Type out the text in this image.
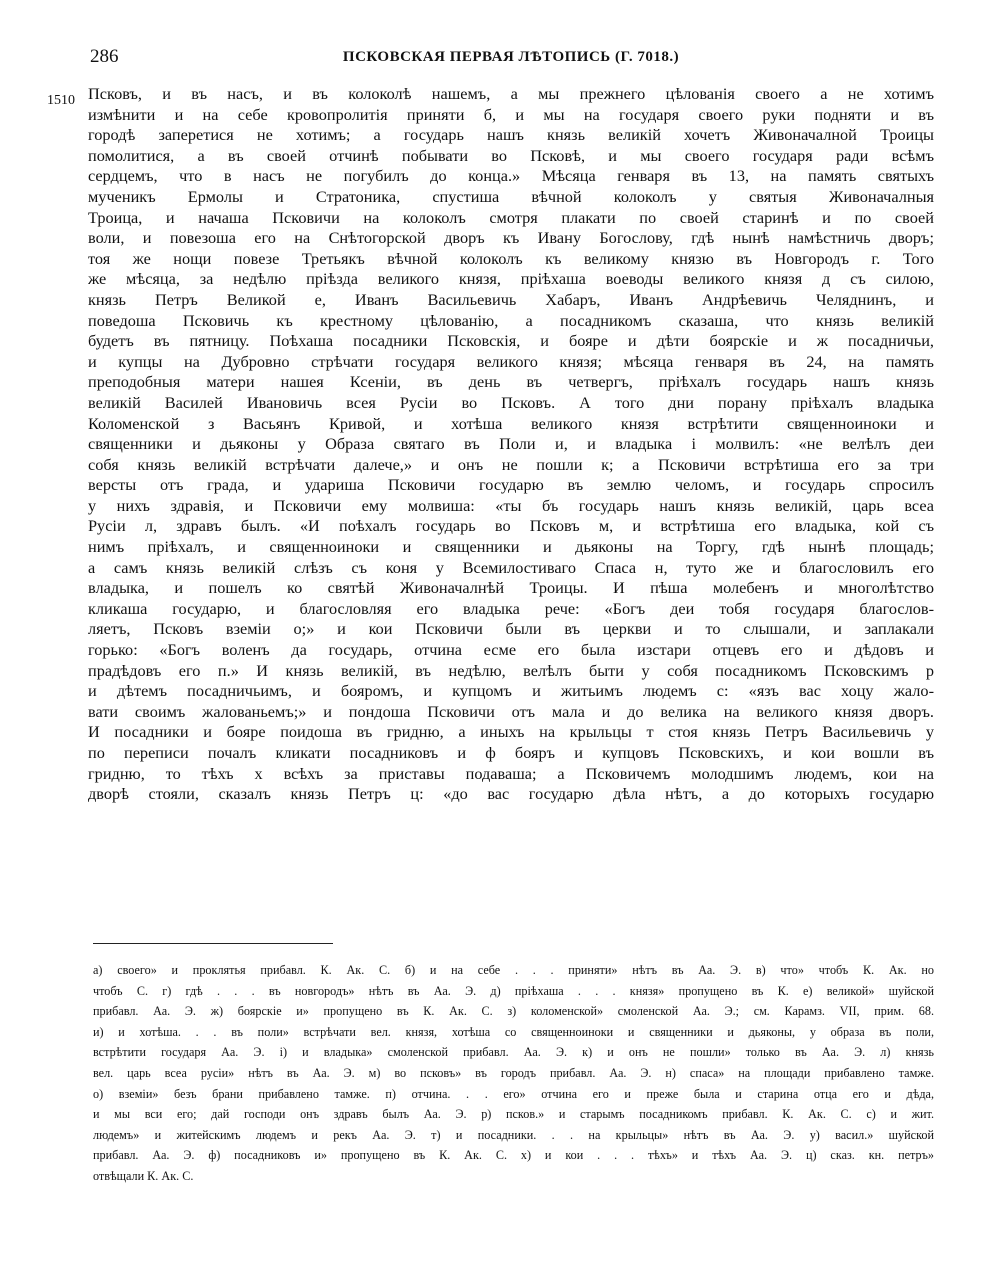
286	ПСКОВСКАЯ ПЕРВАЯ ЛѢТОПИСЬ (Г. 7018.)
1510 Псковъ, и въ насъ, и въ колоколѣ нашемъ, а мы прежнего цѣлованія своего а не хотимъ
измѣнити и на себе кровопролитія приняти б, и мы на государя своего руки подняти и въ
городѣ заперетися не хотимъ; а государь нашъ князь великій хочетъ Живоначалной Троицы
помолитися, а въ своей отчинѣ побывати во Псковѣ, и мы своего государя ради всѣмъ
сердцемъ, что в насъ не погубилъ до конца.» Мѣсяца генваря въ 13, на память святыхъ
мученикъ Ермолы и Стратоника, спустиша вѣчной колоколъ у святыя Живоначалныя
Троица, и начаша Псковичи на колоколъ смотря плакати по своей старинѣ и по своей
воли, и повезоша его на Снѣтогорской дворъ къ Ивану Богослову, гдѣ нынѣ намѣстничь дворъ;
тоя же нощи повезе Третьякъ вѣчной колоколъ къ великому князю въ Новгородъ г. Того
же мѣсяца, за недѣлю пріѣзда великого князя, пріѣхаша воеводы великого князя д съ силою,
князь Петръ Великой е, Иванъ Васильевичь Хабаръ, Иванъ Андрѣевичь Челяднинъ, и
поведоша Псковичь къ крестному цѣлованію, а посадникомъ сказаша, что князь великій
будетъ въ пятницу. Поѣхаша посадники Псковскія, и бояре и дѣти боярскіе и ж посадничьи,
и купцы на Дубровно стрѣчати государя великого князя; мѣсяца генваря въ 24, на память
преподобныя матери нашея Ксеніи, въ день въ четвергъ, пріѣхалъ государь нашъ князь
великій Василей Ивановичь всея Русіи во Псковъ. А того дни порану пріѣхалъ владыка
Коломенской з Васьянъ Кривой, и хотѣша великого князя встрѣтити священноиноки и
священники и дьяконы у Образа святаго въ Поли и, и владыка і молвилъ: «не велѣлъ деи
собя князь великій встрѣчати далече,» и онъ не пошли к; а Псковичи встрѣтиша его за три
версты отъ града, и удариша Псковичи государю въ землю челомъ, и государь спросилъ
у нихъ здравія, и Псковичи ему молвиша: «ты бъ государь нашъ князь великій, царь всеа
Русіи л, здравъ былъ. «И поѣхалъ государь во Псковъ м, и встрѣтиша его владыка, кой съ
нимъ пріѣхалъ, и священноиноки и священники и дьяконы на Торгу, гдѣ нынѣ площадь;
а самъ князь великій слѣзъ съ коня у Всемилостиваго Спаса н, туто же и благословилъ его
владыка, и пошелъ ко святѣй Живоначалнѣй Троицы. И пѣша молебенъ и многолѣтство
кликаша государю, и благословляя его владыка рече: «Богъ деи тобя государя благослов-
ляетъ, Псковъ вземіи о;» и кои Псковичи были въ церкви и то слышали, и заплакали
горько: «Богъ воленъ да государь, отчина есме его была изстари отцевъ его и дѣдовъ и
прадѣдовъ его п.» И князь великій, въ недѣлю, велѣлъ быти у собя посадникомъ Псковскимъ р
и дѣтемъ посадничьимъ, и бояромъ, и купцомъ и житьимъ людемъ с: «язъ вас хоцу жало-
вати своимъ жалованьемъ;» и пондоша Псковичи отъ мала и до велика на великого князя дворъ.
И посадники и бояре поидоша въ гридню, а иныхъ на крыльцы т стоя князь Петръ Васильевичь у
по переписи почалъ кликати посадниковъ и ф бояръ и купцовъ Псковскихъ, и кои вошли въ
гридню, то тѣхъ х всѣхъ за приставы подаваша; а Псковичемъ молодшимъ людемъ, кои на
дворѣ стояли, сказалъ князь Петръ ц: «до вас государю дѣла нѣтъ, а до которыхъ государю
а) своего» и проклятья прибавл. К. Ак. С. б) и на себе . . . приняти» нѣтъ въ Аа. Э. в) что» чтобъ К. Ак. но
чтобъ С. г) гдѣ . . . въ новгородъ» нѣтъ въ Аа. Э. д) пріѣхаша . . . князя» пропущено въ К. е) великой» шуйской
прибавл. Аа. Э. ж) боярскіе и» пропущено въ К. Ак. С. з) коломенской» смоленской Аа. Э.; см. Карамз. VII, прим. 68.
и) и хотѣша. . . въ поли» встрѣчати вел. князя, хотѣша со священноиноки и священники и дьяконы, у образа въ поли,
встрѣтити государя Аа. Э. і) и владыка» смоленской прибавл. Аа. Э. к) и онъ не пошли» только въ Аа. Э. л) князь
вел. царь всеа русіи» нѣтъ въ Аа. Э. м) во псковъ» въ городъ прибавл. Аа. Э. н) спаса» на площади прибавлено тамже.
о) вземіи» безъ брани прибавлено тамже. п) отчина. . . его» отчина его и преже была и старина отца его и дѣда,
и мы вси его; дай господи онъ здравъ былъ Аа. Э. р) псков.» и старымъ посадникомъ прибавл. К. Ак. С. с) и жит.
людемъ» и житейскимъ людемъ и рекъ Аа. Э. т) и посадники. . . на крыльцы» нѣтъ въ Аа. Э. у) васил.» шуйской
прибавл. Аа. Э. ф) посадниковъ и» пропущено въ К. Ак. С. х) и кои . . . тѣхъ» и тѣхъ Аа. Э. ц) сказ. кн. петръ»
отвѣщали К. Ак. С.
